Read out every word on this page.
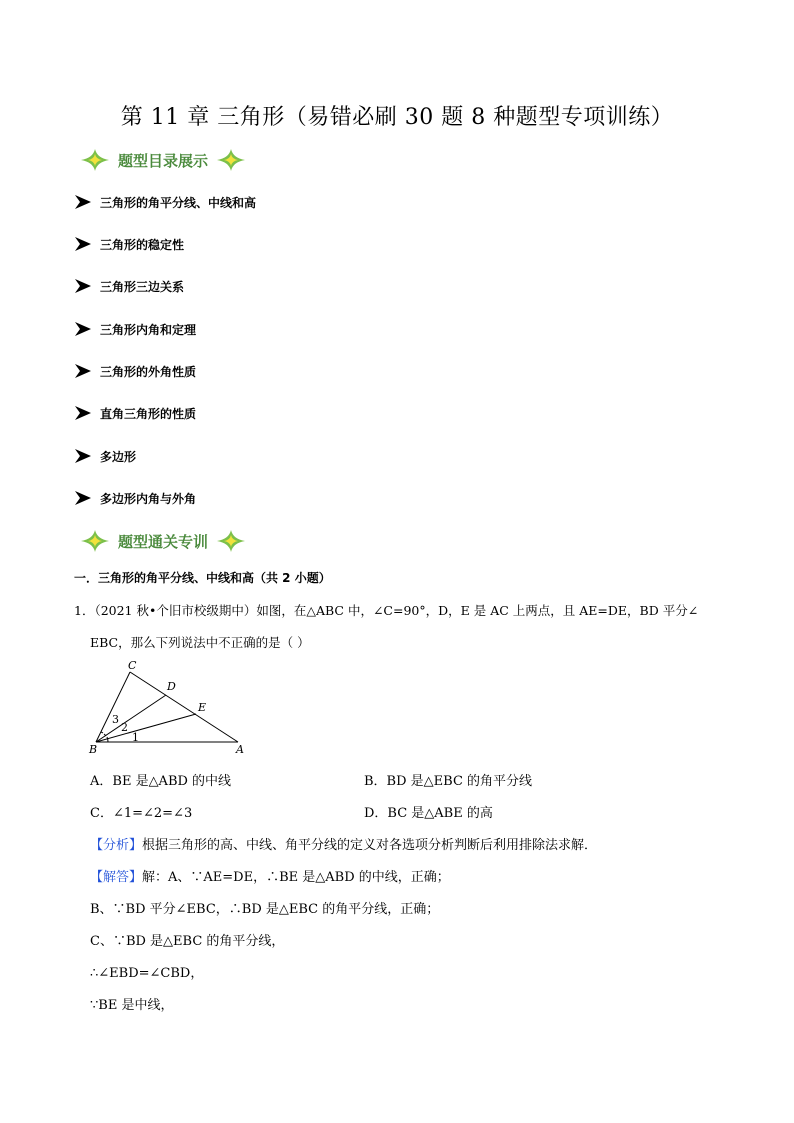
第 11 章 三角形（易错必刷 30 题 8 种题型专项训练）
题型目录展示
三角形的角平分线、中线和高
三角形的稳定性
三角形三边关系
三角形内角和定理
三角形的外角性质
直角三角形的性质
多边形
多边形内角与外角
题型通关专训
一．三角形的角平分线、中线和高（共 2 小题）
1．（2021 秋•个旧市校级期中）如图，在△ABC 中，∠C=90°，D，E 是 AC 上两点，且 AE=DE，BD 平分∠
EBC，那么下列说法中不正确的是（ ）
C
D
E
B	A
1
2
3
A．BE 是△ABD 的中线	B．BD 是△EBC 的角平分线
C．∠1=∠2=∠3	D．BC 是△ABE 的高
【分析】根据三角形的高、中线、角平分线的定义对各选项分析判断后利用排除法求解．
【解答】解：A、∵AE=DE，∴BE 是△ABD 的中线，正确；
B、∵BD 平分∠EBC，∴BD 是△EBC 的角平分线，正确；
C、∵BD 是△EBC 的角平分线，
∴∠EBD=∠CBD，
∵BE 是中线，
